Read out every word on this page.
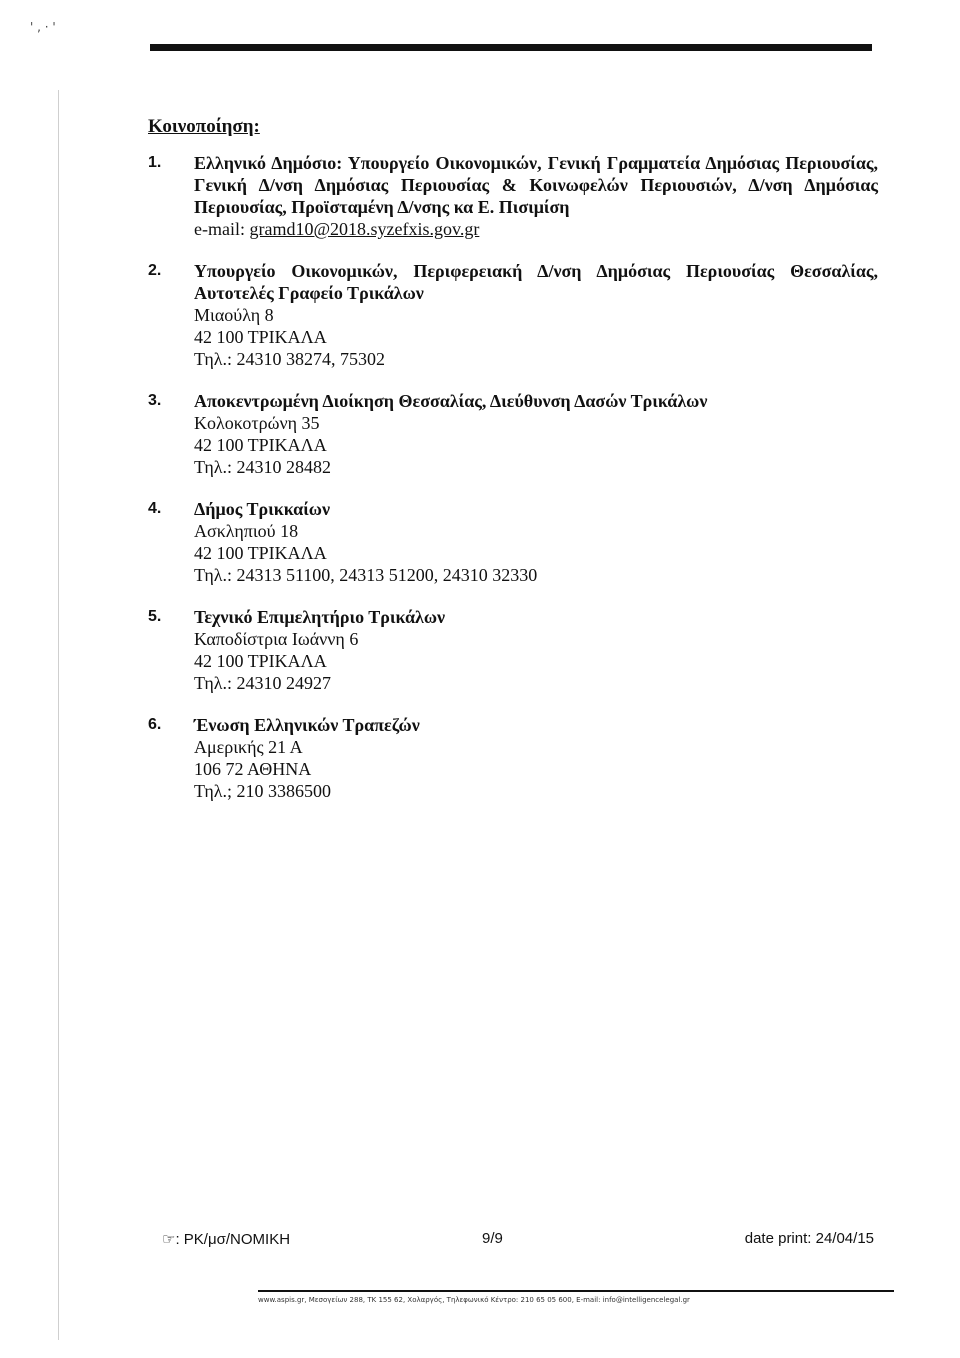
' , · '
Κοινοποίηση:
1. Ελληνικό Δημόσιο: Υπουργείο Οικονομικών, Γενική Γραμματεία Δημόσιας Περιουσίας, Γενική Δ/νση Δημόσιας Περιουσίας & Κοινωφελών Περιουσιών, Δ/νση Δημόσιας Περιουσίας, Προϊσταμένη Δ/νσης κα Ε. Πισιμίση
e-mail: gramd10@2018.syzefxis.gov.gr
2. Υπουργείο Οικονομικών, Περιφερειακή Δ/νση Δημόσιας Περιουσίας Θεσσαλίας, Αυτοτελές Γραφείο Τρικάλων
Μιαούλη 8
42 100 ΤΡΙΚΑΛΑ
Τηλ.: 24310 38274, 75302
3. Αποκεντρωμένη Διοίκηση Θεσσαλίας, Διεύθυνση Δασών Τρικάλων
Κολοκοτρώνη 35
42 100 ΤΡΙΚΑΛΑ
Τηλ.: 24310 28482
4. Δήμος Τρικκαίων
Ασκληπιού 18
42 100 ΤΡΙΚΑΛΑ
Τηλ.: 24313 51100, 24313 51200, 24310 32330
5. Τεχνικό Επιμελητήριο Τρικάλων
Καποδίστρια Ιωάννη 6
42 100 ΤΡΙΚΑΛΑ
Τηλ.: 24310 24927
6. Ένωση Ελληνικών Τραπεζών
Αμερικής 21 Α
106 72 ΑΘΗΝΑ
Τηλ.; 210 3386500
☞: PK/μσ/NOMIKH	9/9	date print: 24/04/15
www.aspis.gr, Μεσογείων 288, ΤΚ 155 62, Χολαργός, Τηλεφωνικό Κέντρο: 210 65 05 600, E-mail: info@intelligencelegal.gr
